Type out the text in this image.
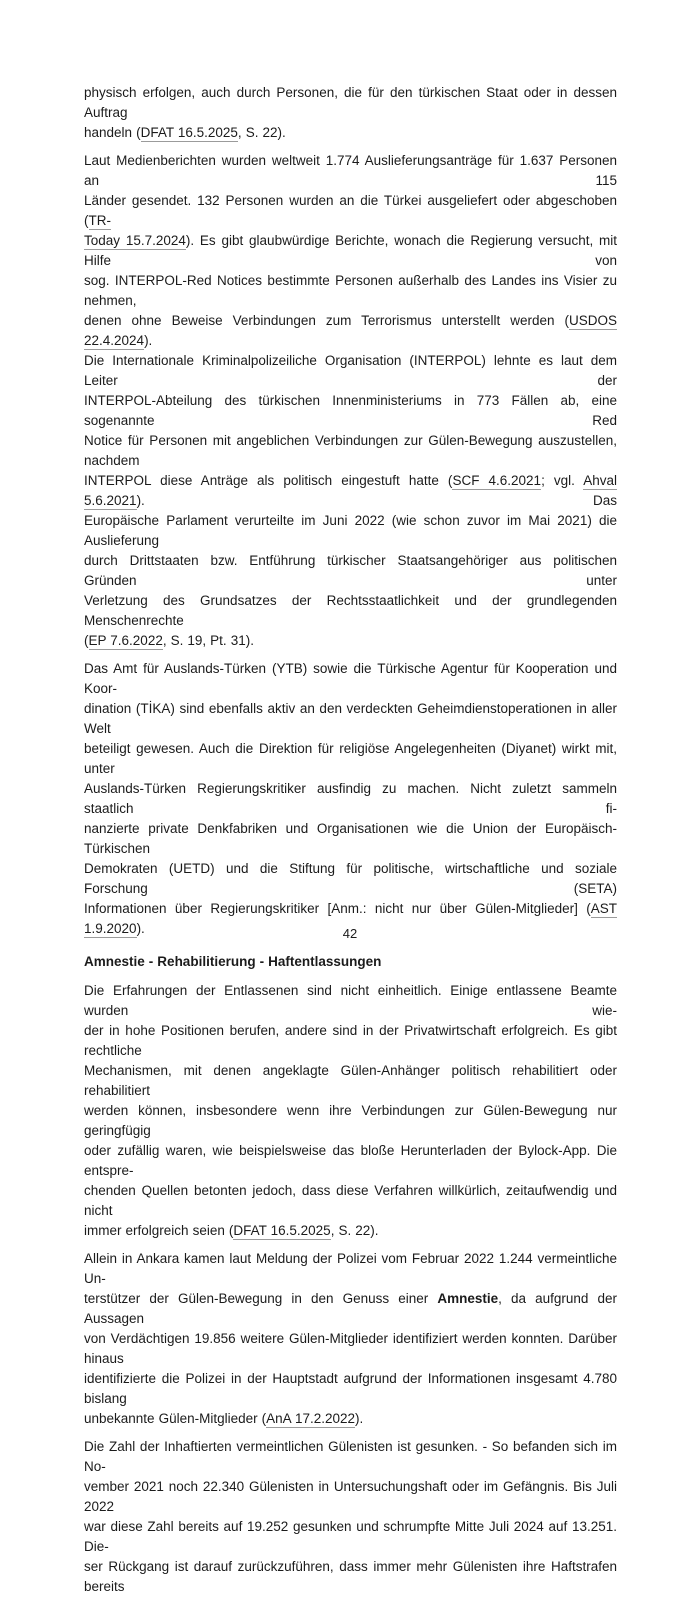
physisch erfolgen, auch durch Personen, die für den türkischen Staat oder in dessen Auftrag
handeln (DFAT 16.5.2025, S. 22).

Laut Medienberichten wurden weltweit 1.774 Auslieferungsanträge für 1.637 Personen an 115
Länder gesendet. 132 Personen wurden an die Türkei ausgeliefert oder abgeschoben (TR-
Today 15.7.2024). Es gibt glaubwürdige Berichte, wonach die Regierung versucht, mit Hilfe von
sog. INTERPOL-Red Notices bestimmte Personen außerhalb des Landes ins Visier zu nehmen,
denen ohne Beweise Verbindungen zum Terrorismus unterstellt werden (USDOS 22.4.2024).
Die Internationale Kriminalpolizeiliche Organisation (INTERPOL) lehnte es laut dem Leiter der
INTERPOL-Abteilung des türkischen Innenministeriums in 773 Fällen ab, eine sogenannte Red
Notice für Personen mit angeblichen Verbindungen zur Gülen-Bewegung auszustellen, nachdem
INTERPOL diese Anträge als politisch eingestuft hatte (SCF 4.6.2021; vgl. Ahval 5.6.2021). Das
Europäische Parlament verurteilte im Juni 2022 (wie schon zuvor im Mai 2021) die Auslieferung
durch Drittstaaten bzw. Entführung türkischer Staatsangehöriger aus politischen Gründen unter
Verletzung des Grundsatzes der Rechtsstaatlichkeit und der grundlegenden Menschenrechte
(EP 7.6.2022, S. 19, Pt. 31).

Das Amt für Auslands-Türken (YTB) sowie die Türkische Agentur für Kooperation und Koor-
dination (TİKA) sind ebenfalls aktiv an den verdeckten Geheimdienstoperationen in aller Welt
beteiligt gewesen. Auch die Direktion für religiöse Angelegenheiten (Diyanet) wirkt mit, unter
Auslands-Türken Regierungskritiker ausfindig zu machen. Nicht zuletzt sammeln staatlich fi-
nanzierte private Denkfabriken und Organisationen wie die Union der Europäisch-Türkischen
Demokraten (UETD) und die Stiftung für politische, wirtschaftliche und soziale Forschung (SETA)
Informationen über Regierungskritiker [Anm.: nicht nur über Gülen-Mitglieder] (AST 1.9.2020).

Amnestie - Rehabilitierung - Haftentlassungen

Die Erfahrungen der Entlassenen sind nicht einheitlich. Einige entlassene Beamte wurden wie-
der in hohe Positionen berufen, andere sind in der Privatwirtschaft erfolgreich. Es gibt rechtliche
Mechanismen, mit denen angeklagte Gülen-Anhänger politisch rehabilitiert oder rehabilitiert
werden können, insbesondere wenn ihre Verbindungen zur Gülen-Bewegung nur geringfügig
oder zufällig waren, wie beispielsweise das bloße Herunterladen der Bylock-App. Die entspre-
chenden Quellen betonten jedoch, dass diese Verfahren willkürlich, zeitaufwendig und nicht
immer erfolgreich seien (DFAT 16.5.2025, S. 22).

Allein in Ankara kamen laut Meldung der Polizei vom Februar 2022 1.244 vermeintliche Un-
terstützer der Gülen-Bewegung in den Genuss einer Amnestie, da aufgrund der Aussagen
von Verdächtigen 19.856 weitere Gülen-Mitglieder identifiziert werden konnten. Darüber hinaus
identifizierte die Polizei in der Hauptstadt aufgrund der Informationen insgesamt 4.780 bislang
unbekannte Gülen-Mitglieder (AnA 17.2.2022).

Die Zahl der Inhaftierten vermeintlichen Gülenisten ist gesunken. - So befanden sich im No-
vember 2021 noch 22.340 Gülenisten in Untersuchungshaft oder im Gefängnis. Bis Juli 2022
war diese Zahl bereits auf 19.252 gesunken und schrumpfte Mitte Juli 2024 auf 13.251. Die-
ser Rückgang ist darauf zurückzuführen, dass immer mehr Gülenisten ihre Haftstrafen bereits

42
